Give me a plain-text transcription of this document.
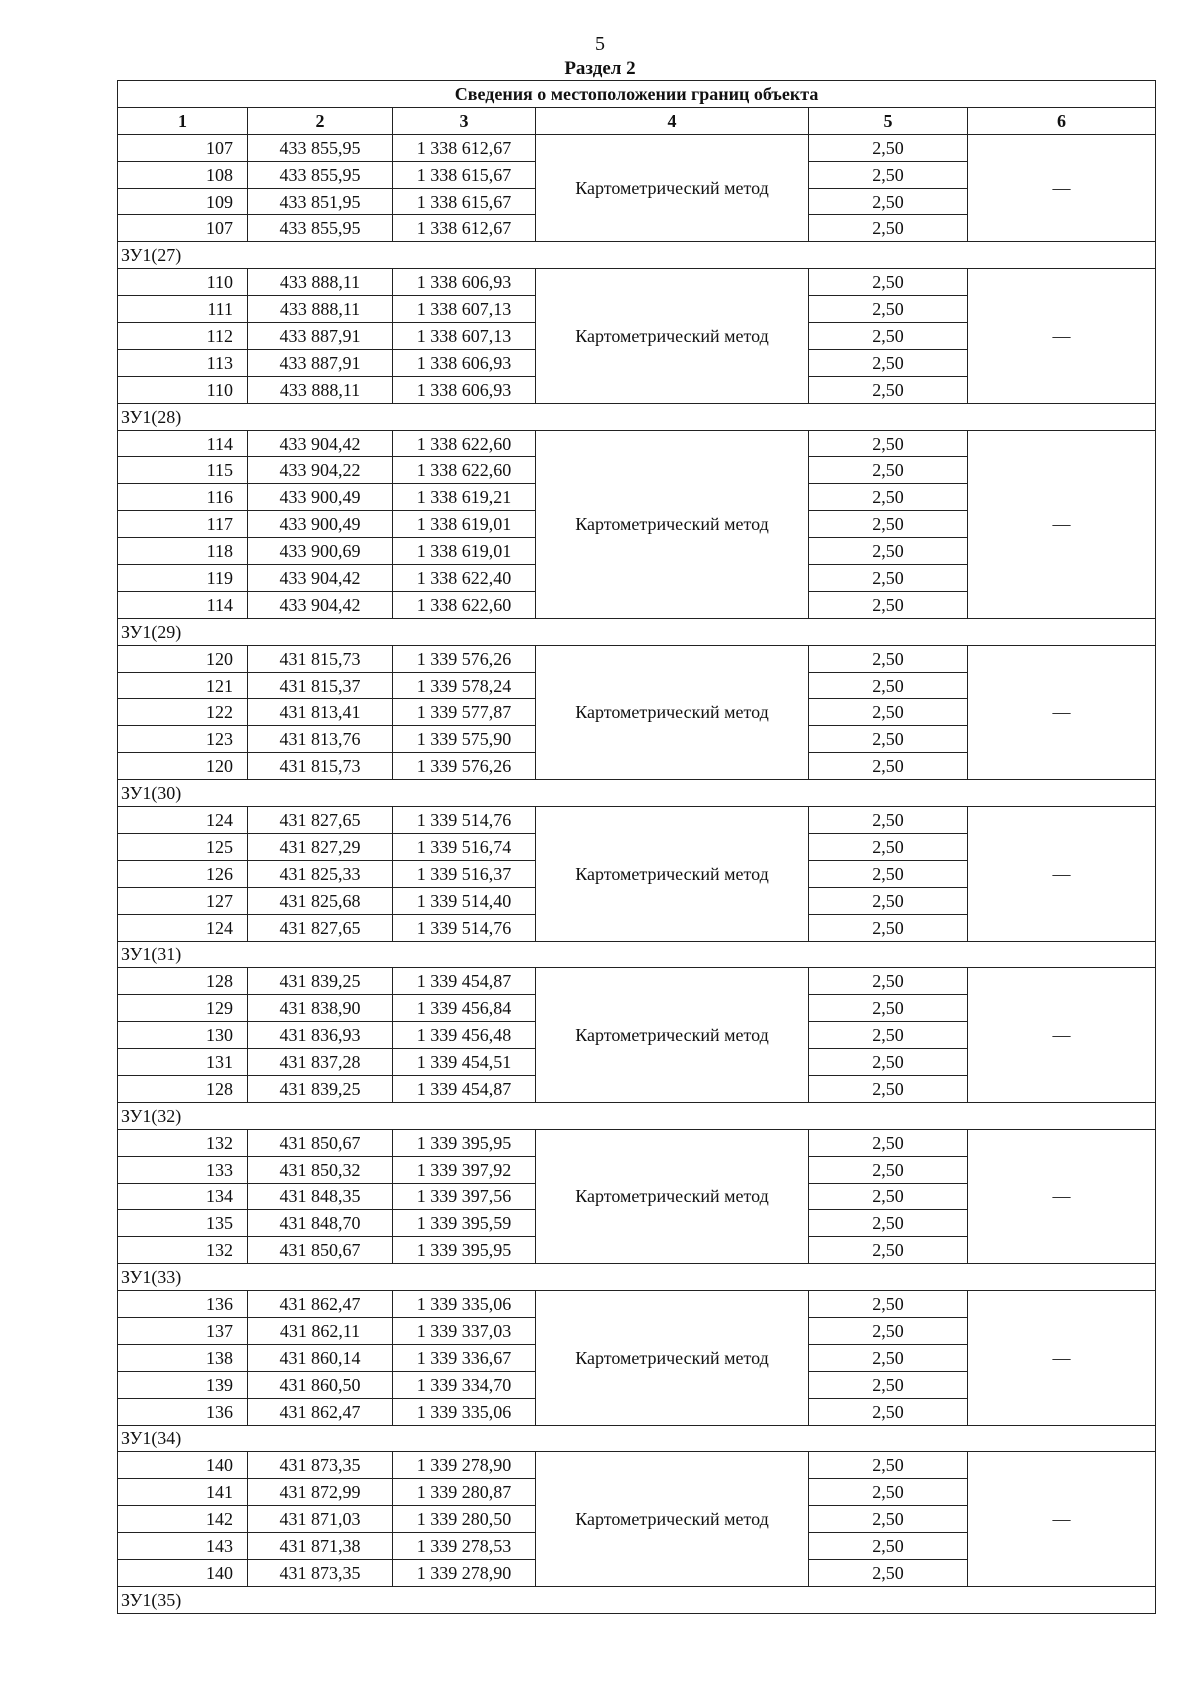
5
Раздел 2
Сведения о местоположении границ объекта					
1	2	3	4	5	6
107	433 855,95	1 338 612,67	Картометрический метод	2,50	—
108	433 855,95	1 338 615,67		2,50	
109	433 851,95	1 338 615,67		2,50	
107	433 855,95	1 338 612,67		2,50	
ЗУ1(27)					
110	433 888,11	1 338 606,93	Картометрический метод	2,50	—
111	433 888,11	1 338 607,13		2,50	
112	433 887,91	1 338 607,13		2,50	
113	433 887,91	1 338 606,93		2,50	
110	433 888,11	1 338 606,93		2,50	
ЗУ1(28)					
114	433 904,42	1 338 622,60	Картометрический метод	2,50	—
115	433 904,22	1 338 622,60		2,50	
116	433 900,49	1 338 619,21		2,50	
117	433 900,49	1 338 619,01		2,50	
118	433 900,69	1 338 619,01		2,50	
119	433 904,42	1 338 622,40		2,50	
114	433 904,42	1 338 622,60		2,50	
ЗУ1(29)					
120	431 815,73	1 339 576,26	Картометрический метод	2,50	—
121	431 815,37	1 339 578,24		2,50	
122	431 813,41	1 339 577,87		2,50	
123	431 813,76	1 339 575,90		2,50	
120	431 815,73	1 339 576,26		2,50	
ЗУ1(30)					
124	431 827,65	1 339 514,76	Картометрический метод	2,50	—
125	431 827,29	1 339 516,74		2,50	
126	431 825,33	1 339 516,37		2,50	
127	431 825,68	1 339 514,40		2,50	
124	431 827,65	1 339 514,76		2,50	
ЗУ1(31)					
128	431 839,25	1 339 454,87	Картометрический метод	2,50	—
129	431 838,90	1 339 456,84		2,50	
130	431 836,93	1 339 456,48		2,50	
131	431 837,28	1 339 454,51		2,50	
128	431 839,25	1 339 454,87		2,50	
ЗУ1(32)					
132	431 850,67	1 339 395,95	Картометрический метод	2,50	—
133	431 850,32	1 339 397,92		2,50	
134	431 848,35	1 339 397,56		2,50	
135	431 848,70	1 339 395,59		2,50	
132	431 850,67	1 339 395,95		2,50	
ЗУ1(33)					
136	431 862,47	1 339 335,06	Картометрический метод	2,50	—
137	431 862,11	1 339 337,03		2,50	
138	431 860,14	1 339 336,67		2,50	
139	431 860,50	1 339 334,70		2,50	
136	431 862,47	1 339 335,06		2,50	
ЗУ1(34)					
140	431 873,35	1 339 278,90	Картометрический метод	2,50	—
141	431 872,99	1 339 280,87		2,50	
142	431 871,03	1 339 280,50		2,50	
143	431 871,38	1 339 278,53		2,50	
140	431 873,35	1 339 278,90		2,50	
ЗУ1(35)					
